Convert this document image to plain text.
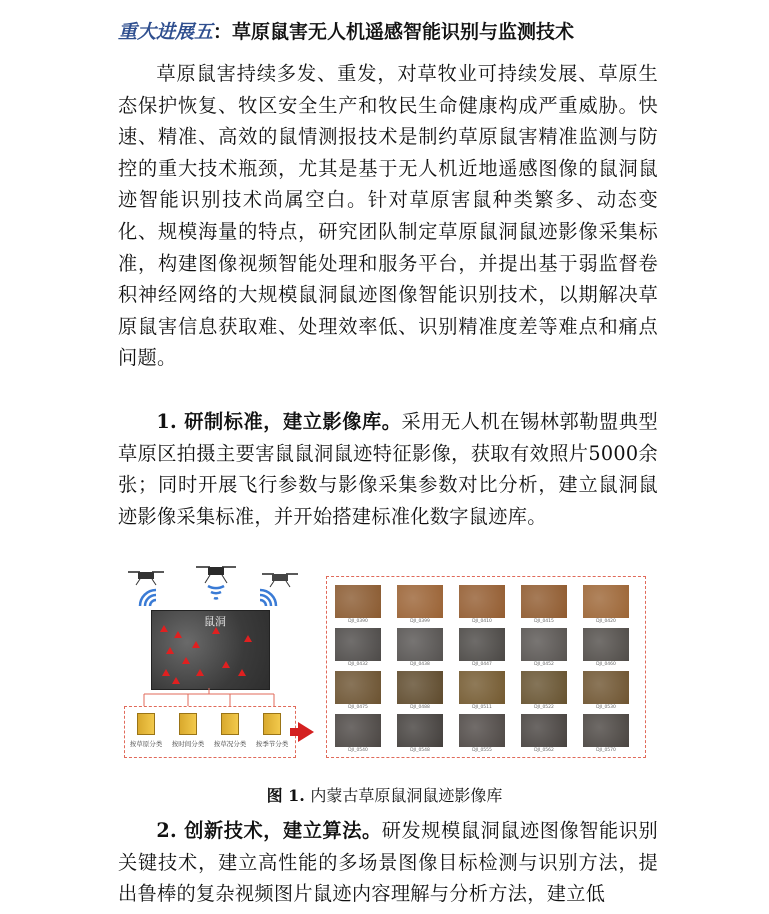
重大进展五：草原鼠害无人机遥感智能识别与监测技术
草原鼠害持续多发、重发，对草牧业可持续发展、草原生态保护恢复、牧区安全生产和牧民生命健康构成严重威胁。快速、精准、高效的鼠情测报技术是制约草原鼠害精准监测与防控的重大技术瓶颈，尤其是基于无人机近地遥感图像的鼠洞鼠迹智能识别技术尚属空白。针对草原害鼠种类繁多、动态变化、规模海量的特点，研究团队制定草原鼠洞鼠迹影像采集标准，构建图像视频智能处理和服务平台，并提出基于弱监督卷积神经网络的大规模鼠洞鼠迹图像智能识别技术，以期解决草原鼠害信息获取难、处理效率低、识别精准度差等难点和痛点问题。
1. 研制标准，建立影像库。采用无人机在锡林郭勒盟典型草原区拍摄主要害鼠鼠洞鼠迹特征影像，获取有效照片5000余张；同时开展飞行参数与影像采集参数对比分析，建立鼠洞鼠迹影像采集标准，并开始搭建标准化数字鼠迹库。
鼠洞
按草原分类	按时间分类	按草况分类	按季节分类
DJI_0390	DJI_0399	DJI_0410	DJI_0415	DJI_0420
DJI_0432	DJI_0438	DJI_0447	DJI_0452	DJI_0460
DJI_0475	DJI_0488	DJI_0511	DJI_0522	DJI_0530
DJI_0540	DJI_0548	DJI_0555	DJI_0562	DJI_0570
图 1. 内蒙古草原鼠洞鼠迹影像库
2. 创新技术，建立算法。研发规模鼠洞鼠迹图像智能识别关键技术，建立高性能的多场景图像目标检测与识别方法，提出鲁棒的复杂视频图片鼠迹内容理解与分析方法，建立低
